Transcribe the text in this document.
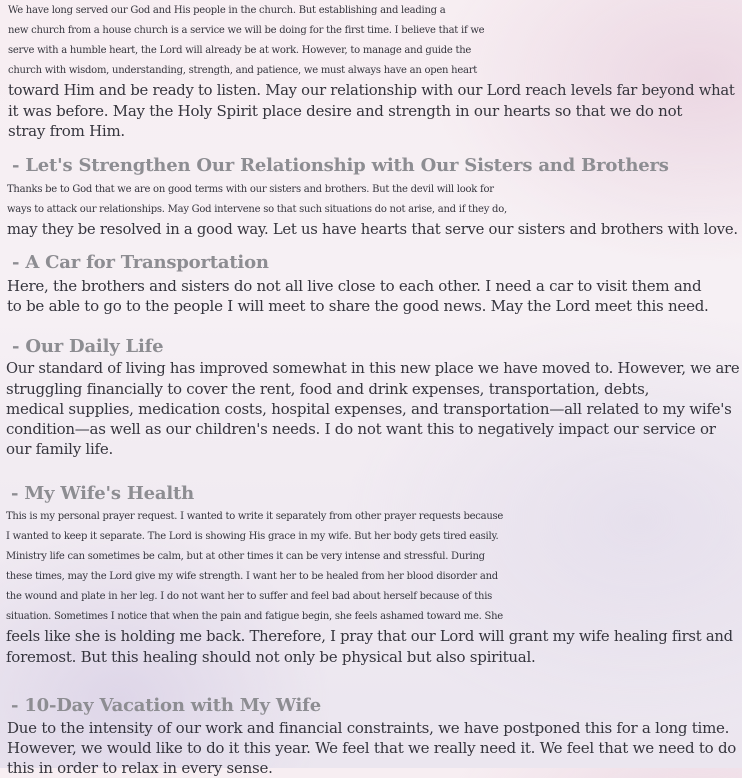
We have long served our God and His people in the church. But establishing and leading a
new church from a house church is a service we will be doing for the first time. I believe that if we
serve with a humble heart, the Lord will already be at work. However, to manage and guide the
church with wisdom, understanding, strength, and patience, we must always have an open heart
toward Him and be ready to listen. May our relationship with our Lord reach levels far beyond what
it was before. May the Holy Spirit place desire and strength in our hearts so that we do not
stray from Him.
- Let's Strengthen Our Relationship with Our Sisters and Brothers
Thanks be to God that we are on good terms with our sisters and brothers. But the devil will look for
ways to attack our relationships. May God intervene so that such situations do not arise, and if they do,
may they be resolved in a good way. Let us have hearts that serve our sisters and brothers with love.
- A Car for Transportation
Here, the brothers and sisters do not all live close to each other. I need a car to visit them and
to be able to go to the people I will meet to share the good news. May the Lord meet this need.
- Our Daily Life
Our standard of living has improved somewhat in this new place we have moved to. However, we are
struggling financially to cover the rent, food and drink expenses, transportation, debts,
medical supplies, medication costs, hospital expenses, and transportation—all related to my wife's
condition—as well as our children's needs. I do not want this to negatively impact our service or
our family life.
- My Wife's Health
This is my personal prayer request. I wanted to write it separately from other prayer requests because
I wanted to keep it separate. The Lord is showing His grace in my wife. But her body gets tired easily.
Ministry life can sometimes be calm, but at other times it can be very intense and stressful. During
these times, may the Lord give my wife strength. I want her to be healed from her blood disorder and
the wound and plate in her leg. I do not want her to suffer and feel bad about herself because of this
situation. Sometimes I notice that when the pain and fatigue begin, she feels ashamed toward me. She
feels like she is holding me back. Therefore, I pray that our Lord will grant my wife healing first and
foremost. But this healing should not only be physical but also spiritual.
- 10-Day Vacation with My Wife
Due to the intensity of our work and financial constraints, we have postponed this for a long time.
However, we would like to do it this year. We feel that we really need it. We feel that we need to do
this in order to relax in every sense.
